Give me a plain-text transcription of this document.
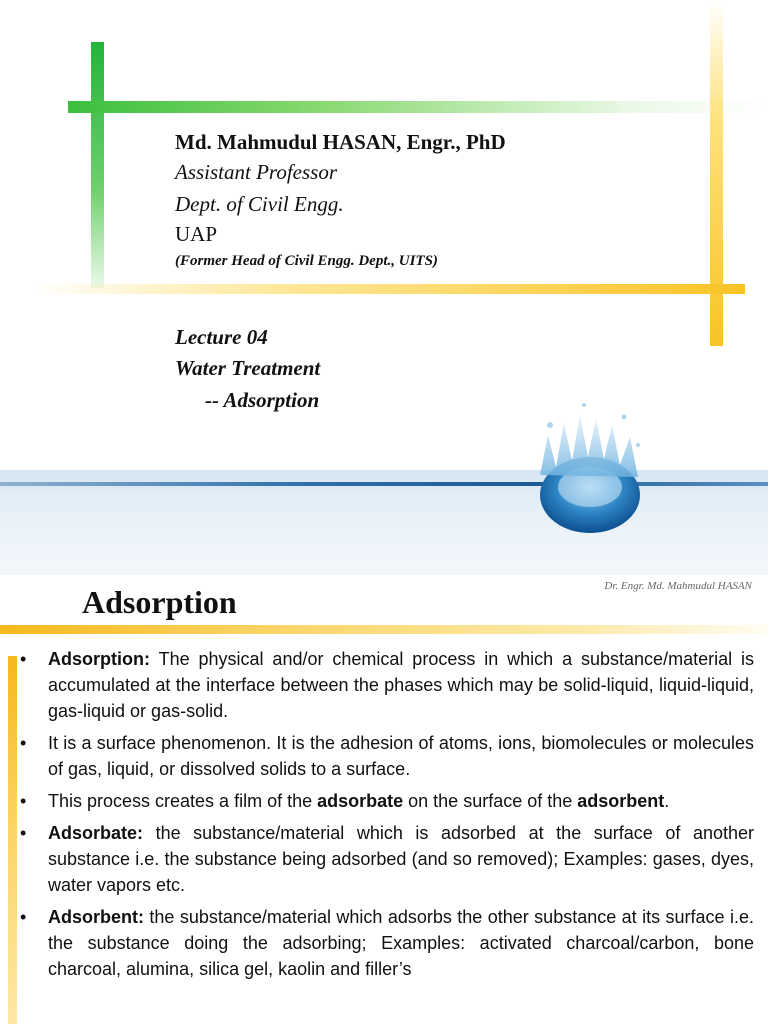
Md. Mahmudul HASAN, Engr., PhD
Assistant Professor
Dept. of Civil Engg.
UAP
(Former Head of Civil Engg. Dept., UITS)
Lecture 04
Water Treatment
-- Adsorption
Adsorption	Dr. Engr. Md. Mahmudul HASAN
•	Adsorption: The physical and/or chemical process in which a substance/material is accumulated at the interface between the phases which may be solid-liquid, liquid-liquid, gas-liquid or gas-solid.
•	It is a surface phenomenon. It is the adhesion of atoms, ions, biomolecules or molecules of gas, liquid, or dissolved solids to a surface.
•	This process creates a film of the adsorbate on the surface of the adsorbent.
•	Adsorbate: the substance/material which is adsorbed at the surface of another substance i.e. the substance being adsorbed (and so removed); Examples: gases, dyes, water vapors etc.
•	Adsorbent: the substance/material which adsorbs the other substance at its surface i.e. the substance doing the adsorbing; Examples: activated charcoal/carbon, bone charcoal, alumina, silica gel, kaolin and filler’s
